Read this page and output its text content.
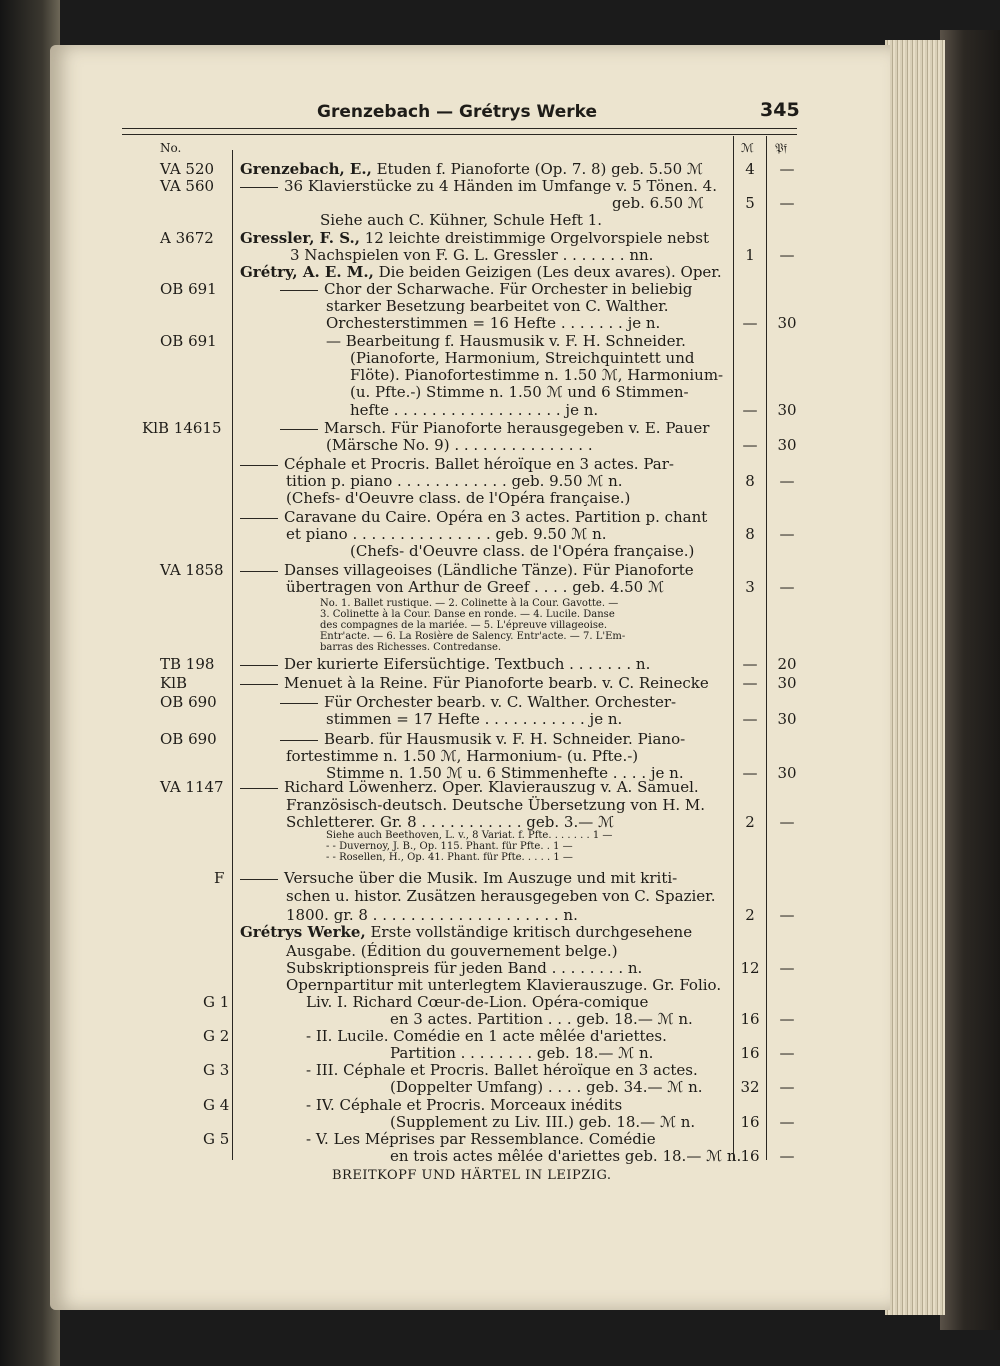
Grenzebach — Grétrys Werke	345
No.	ℳ 𝔓𝔣
VA 520 Grenzebach, E., Etuden f. Pianoforte (Op. 7. 8) geb. 5.50 ℳ	4	—
VA 560	36 Klavierstücke zu 4 Händen im Umfange v. 5 Tönen. 4.
geb. 6.50 ℳ	5	—
Siehe auch C. Kühner, Schule Heft 1.
A 3672 Gressler, F. S., 12 leichte dreistimmige Orgelvorspiele nebst
3 Nachspielen von F. G. L. Gressler . . . . . . . nn.	1	—
Grétry, A. E. M., Die beiden Geizigen (Les deux avares). Oper.
OB 691	Chor der Scharwache. Für Orchester in beliebig
starker Besetzung bearbeitet von C. Walther.
Orchesterstimmen = 16 Hefte . . . . . . . je n.	—	30
OB 691	— Bearbeitung f. Hausmusik v. F. H. Schneider.
(Pianoforte, Harmonium, Streichquintett und
Flöte). Pianofortestimme n. 1.50 ℳ, Harmonium-
(u. Pfte.-) Stimme n. 1.50 ℳ und 6 Stimmen-
hefte . . . . . . . . . . . . . . . . . . je n.	—	30
KlB 14615	Marsch. Für Pianoforte herausgegeben v. E. Pauer
(Märsche No. 9) . . . . . . . . . . . . . . .	—	30
Céphale et Procris. Ballet héroïque en 3 actes. Par-
tition p. piano . . . . . . . . . . . . geb. 9.50 ℳ n.	8	—
(Chefs- d'Oeuvre class. de l'Opéra française.)
Caravane du Caire. Opéra en 3 actes. Partition p. chant
et piano . . . . . . . . . . . . . . . geb. 9.50 ℳ n.	8	—
(Chefs- d'Oeuvre class. de l'Opéra française.)
VA 1858	Danses villageoises (Ländliche Tänze). Für Pianoforte
übertragen von Arthur de Greef . . . . geb. 4.50 ℳ	3	—
No. 1. Ballet rustique. — 2. Colinette à la Cour. Gavotte. —
3. Colinette à la Cour. Danse en ronde. — 4. Lucile. Danse
des compagnes de la mariée. — 5. L'épreuve villageoise.
Entr'acte. — 6. La Rosière de Salency. Entr'acte. — 7. L'Em-
barras des Richesses. Contredanse.
TB 198	Der kurierte Eifersüchtige. Textbuch . . . . . . . n.	—	20
KlB	Menuet à la Reine. Für Pianoforte bearb. v. C. Reinecke	—	30
OB 690	Für Orchester bearb. v. C. Walther. Orchester-
stimmen = 17 Hefte . . . . . . . . . . . je n.	—	30
OB 690	Bearb. für Hausmusik v. F. H. Schneider. Piano-
fortestimme n. 1.50 ℳ, Harmonium- (u. Pfte.-)
Stimme n. 1.50 ℳ u. 6 Stimmenhefte . . . . je n.	—	30
VA 1147	Richard Löwenherz. Oper. Klavierauszug v. A. Samuel.
Französisch-deutsch. Deutsche Übersetzung von H. M.
Schletterer. Gr. 8 . . . . . . . . . . . geb. 3.— ℳ	2	—
Siehe auch Beethoven, L. v., 8 Variat. f. Pfte. . . . . . . 1 —
- - Duvernoy, J. B., Op. 115. Phant. für Pfte. . 1 —
- - Rosellen, H., Op. 41. Phant. für Pfte. . . . . 1 —
F	Versuche über die Musik. Im Auszuge und mit kriti-
schen u. histor. Zusätzen herausgegeben von C. Spazier.
1800. gr. 8 . . . . . . . . . . . . . . . . . . . . n.	2	—
Grétrys Werke, Erste vollständige kritisch durchgesehene
Ausgabe. (Édition du gouvernement belge.)
Subskriptionspreis für jeden Band . . . . . . . . n.	12	—
Opernpartitur mit unterlegtem Klavierauszuge. Gr. Folio.
G 1	Liv. I. Richard Cœur-de-Lion. Opéra-comique
en 3 actes. Partition . . . geb. 18.— ℳ n.	16	—
G 2	- II. Lucile. Comédie en 1 acte mêlée d'ariettes.
Partition . . . . . . . . geb. 18.— ℳ n.	16	—
G 3	- III. Céphale et Procris. Ballet héroïque en 3 actes.
(Doppelter Umfang) . . . . geb. 34.— ℳ n.	32	—
G 4	- IV. Céphale et Procris. Morceaux inédits
(Supplement zu Liv. III.) geb. 18.— ℳ n.	16	—
G 5	- V. Les Méprises par Ressemblance. Comédie
en trois actes mêlée d'ariettes geb. 18.— ℳ n. 16	—
BREITKOPF UND HÄRTEL IN LEIPZIG.
